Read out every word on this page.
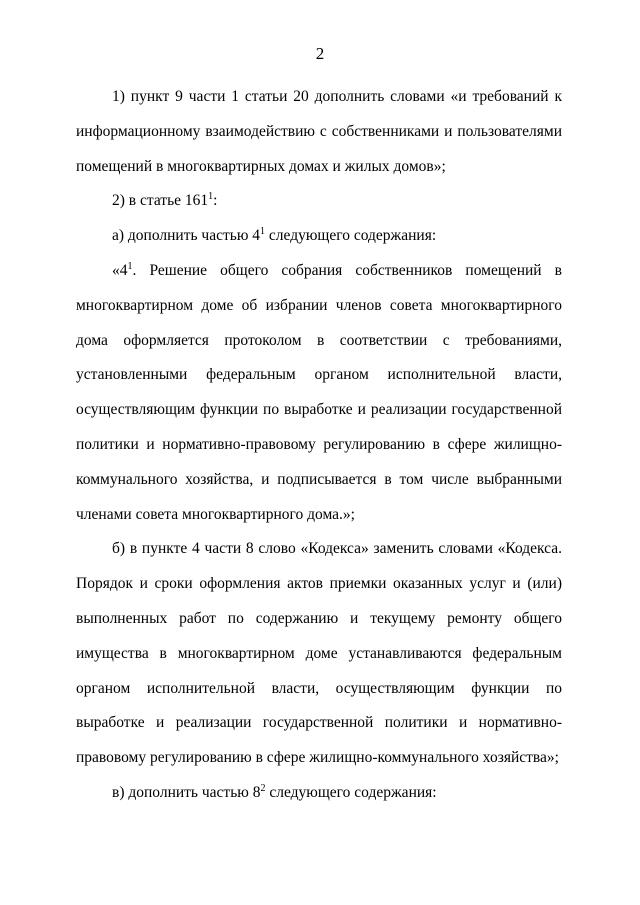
2

1) пункт 9 части 1 статьи 20 дополнить словами «и требований к информационному взаимодействию с собственниками и пользователями помещений в многоквартирных домах и жилых домов»;

2) в статье $161^1$:

а) дополнить частью $4^1$ следующего содержания:

«$4^1$. Решение общего собрания собственников помещений в многоквартирном доме об избрании членов совета многоквартирного дома оформляется протоколом в соответствии с требованиями, установленными федеральным органом исполнительной власти, осуществляющим функции по выработке и реализации государственной политики и нормативно-правовому регулированию в сфере жилищно-коммунального хозяйства, и подписывается в том числе выбранными членами совета многоквартирного дома.»;

б) в пункте 4 части 8 слово «Кодекса» заменить словами «Кодекса. Порядок и сроки оформления актов приемки оказанных услуг и (или) выполненных работ по содержанию и текущему ремонту общего имущества в многоквартирном доме устанавливаются федеральным органом исполнительной власти, осуществляющим функции по выработке и реализации государственной политики и нормативно-правовому регулированию в сфере жилищно-коммунального хозяйства»;

в) дополнить частью $8^2$ следующего содержания:
